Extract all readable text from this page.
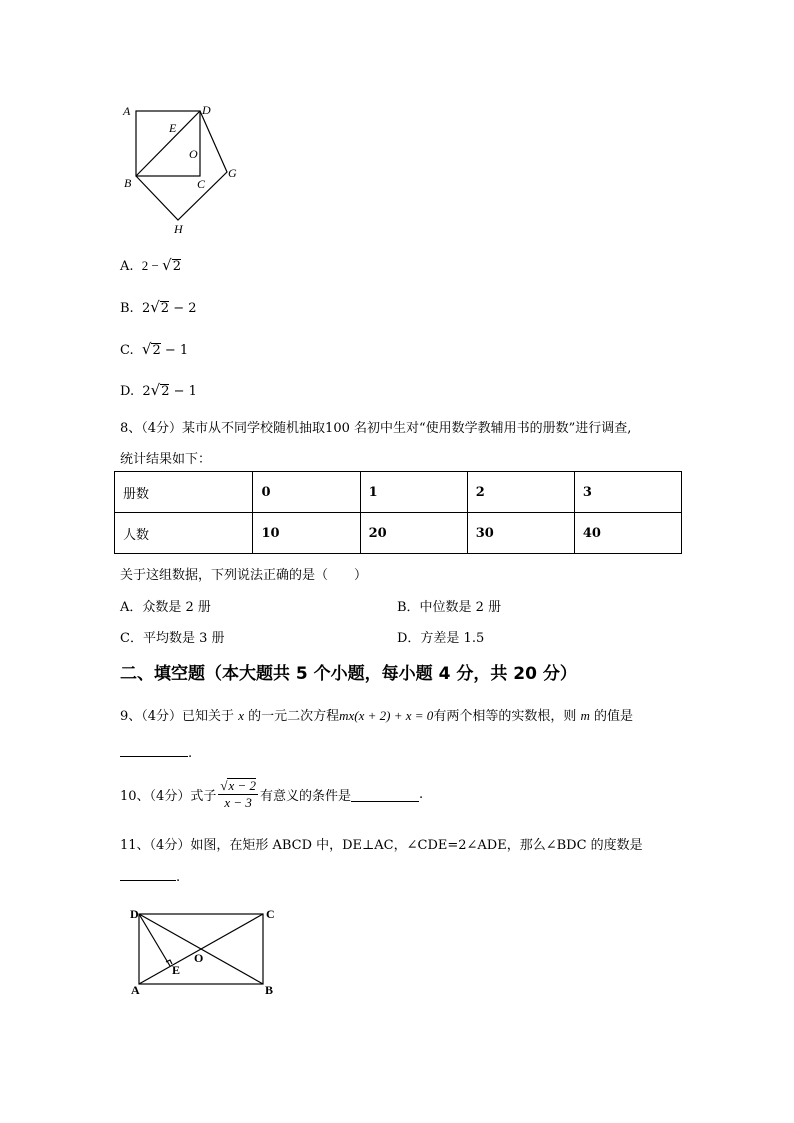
A	D
E
O
B	C
G
H
A. 2 − √2
B. 2√2 − 2
C. √2 − 1
D. 2√2 − 1
8、（4分）某市从不同学校随机抽取100 名初中生对“使用数学教辅用书的册数”进行调查,
统计结果如下：
册数	0	1	2	3
人数	10	20	30	40
关于这组数据，下列说法正确的是（　　）
A．众数是 2 册	B．中位数是 2 册
C．平均数是 3 册	D．方差是 1.5
二、填空题（本大题共 5 个小题，每小题 4 分，共 20 分）
9、（4分）已知关于 x 的一元二次方程mx(x + 2) + x = 0有两个相等的实数根，则 m 的值是
.
10、（4分）式子 $\frac{√x - 2}{x - 3}$ 有意义的条件是	.
11、（4分）如图，在矩形 ABCD 中，DE⊥AC，∠CDE=2∠ADE，那么∠BDC 的度数是
.
D	C
O
E
A	B
